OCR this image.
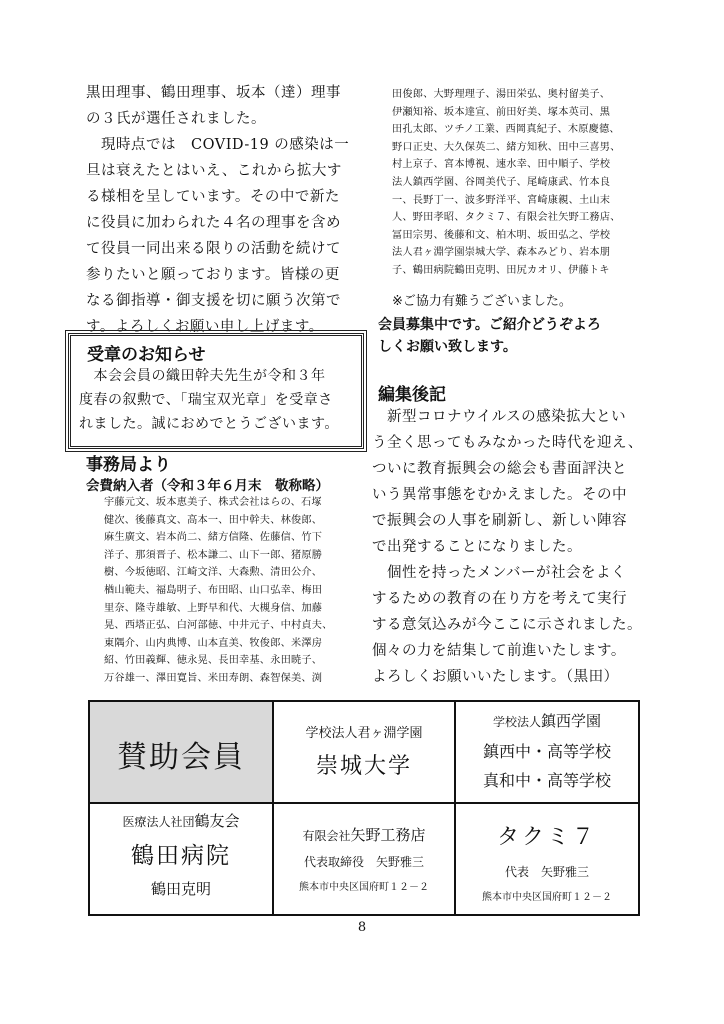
黒田理事、鶴田理事、坂本（達）理事
の３氏が選任されました。
　現時点では　COVID-19 の感染は一
旦は衰えたとはいえ、これから拡大す
る様相を呈しています。その中で新た
に役員に加わられた４名の理事を含め
て役員一同出来る限りの活動を続けて
参りたいと願っております。皆様の更
なる御指導・御支援を切に願う次第で
す。よろしくお願い申し上げます。
受章のお知らせ
　本会会員の織田幹夫先生が令和３年
度春の叙勲で、「瑞宝双光章」を受章さ
れました。誠におめでとうございます。
事務局より
会費納入者（令和３年６月末　敬称略）
宇藤元文、坂本恵美子、株式会社はらの、石塚
健次、後藤真文、高本一、田中幹夫、林俊郎、
麻生廣文、岩本尚二、緒方信隆、佐藤信、竹下
洋子、那須晋子、松本謙二、山下一郎、猪原勝
樹、今坂徳昭、江崎文洋、大森勲、清田公介、
楢山範夫、福島明子、布田昭、山口弘幸、梅田
里奈、隆寺雄敏、上野早和代、大槻身信、加藤
晃、西塔正弘、白河部徳、中井元子、中村貞夫、
東隅介、山内典博、山本直美、牧俊郎、米澤房
紹、竹田義輝、徳永晃、長田幸基、永田暁子、
万谷雄一、澤田寛旨、米田寿朗、森智保美、渕
田俊郎、大野理理子、湯田栄弘、奥村留美子、
伊瀬知裕、坂本達宣、前田好美、塚本英司、黒
田孔太郎、ツチノ工業、西岡真紀子、木原慶德、
野口正史、大久保英二、緒方知秋、田中三喜男、
村上京子、宮本博視、速水幸、田中順子、学校
法人鎮西学園、谷岡美代子、尾崎康武、竹本良
一、長野丁一、波多野洋平、宮崎康親、土山末
人、野田孝昭、タクミ７、有限会社矢野工務店、
冨田宗男、後藤和文、柏木明、坂田弘之、学校
法人君ヶ淵学園崇城大学、森本みどり、岩本朋
子、鶴田病院鶴田克明、田尻カオリ、伊藤トキ
※ご協力有難うございました。
会員募集中です。ご紹介どうぞよろ
しくお願い致します。
編集後記
　新型コロナウイルスの感染拡大とい
う全く思ってもみなかった時代を迎え、
ついに教育振興会の総会も書面評決と
いう異常事態をむかえました。その中
で振興会の人事を刷新し、新しい陣容
で出発することになりました。
　個性を持ったメンバーが社会をよく
するための教育の在り方を考えて実行
する意気込みが今ここに示されました。
個々の力を結集して前進いたします。
よろしくお願いいたします。（黒田）
賛助会員
学校法人君ヶ淵学園
崇城大学
学校法人鎮西学園
鎮西中・高等学校
真和中・高等学校
医療法人社団鶴友会
鶴田病院
鶴田克明
有限会社矢野工務店
代表取締役　矢野雅三
熊本市中央区国府町１２－２
タクミ７
代表　矢野雅三
熊本市中央区国府町１２－２
8
